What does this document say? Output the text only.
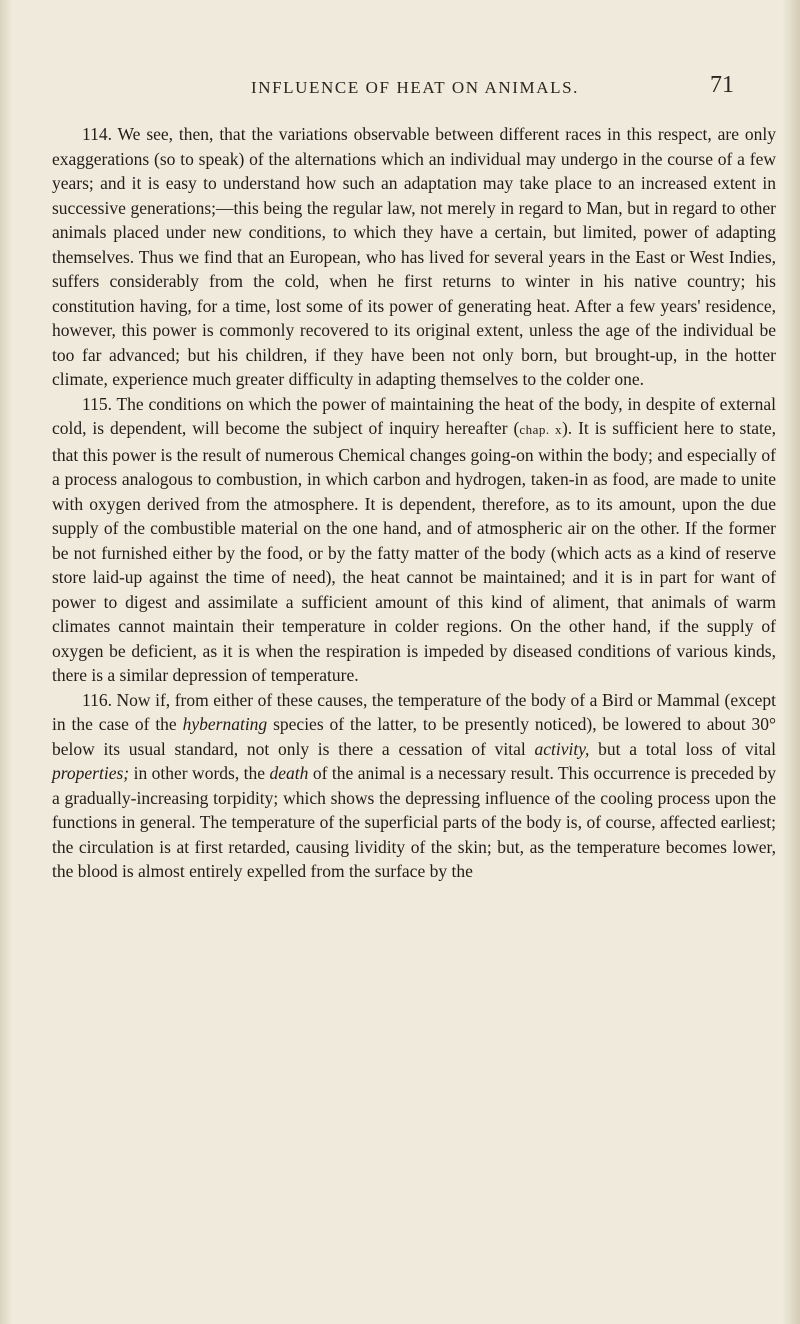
INFLUENCE OF HEAT ON ANIMALS.	71

114. We see, then, that the variations observable between different races in this respect, are only exaggerations (so to speak) of the alternations which an individual may undergo in the course of a few years; and it is easy to understand how such an adaptation may take place to an increased extent in successive generations;—this being the regular law, not merely in regard to Man, but in regard to other animals placed under new conditions, to which they have a certain, but limited, power of adapting themselves. Thus we find that an European, who has lived for several years in the East or West Indies, suffers considerably from the cold, when he first returns to winter in his native country; his constitution having, for a time, lost some of its power of generating heat. After a few years' residence, however, this power is commonly recovered to its original extent, unless the age of the individual be too far advanced; but his children, if they have been not only born, but brought-up, in the hotter climate, experience much greater difficulty in adapting themselves to the colder one.

115. The conditions on which the power of maintaining the heat of the body, in despite of external cold, is dependent, will become the subject of inquiry hereafter (chap. x). It is sufficient here to state, that this power is the result of numerous Chemical changes going-on within the body; and especially of a process analogous to combustion, in which carbon and hydrogen, taken-in as food, are made to unite with oxygen derived from the atmosphere. It is dependent, therefore, as to its amount, upon the due supply of the combustible material on the one hand, and of atmospheric air on the other. If the former be not furnished either by the food, or by the fatty matter of the body (which acts as a kind of reserve store laid-up against the time of need), the heat cannot be maintained; and it is in part for want of power to digest and assimilate a sufficient amount of this kind of aliment, that animals of warm climates cannot maintain their temperature in colder regions. On the other hand, if the supply of oxygen be deficient, as it is when the respiration is impeded by diseased conditions of various kinds, there is a similar depression of temperature.

116. Now if, from either of these causes, the temperature of the body of a Bird or Mammal (except in the case of the hybernating species of the latter, to be presently noticed), be lowered to about 30° below its usual standard, not only is there a cessation of vital activity, but a total loss of vital properties; in other words, the death of the animal is a necessary result. This occurrence is preceded by a gradually-increasing torpidity; which shows the depressing influence of the cooling process upon the functions in general. The temperature of the superficial parts of the body is, of course, affected earliest; the circulation is at first retarded, causing lividity of the skin; but, as the temperature becomes lower, the blood is almost entirely expelled from the surface by the
